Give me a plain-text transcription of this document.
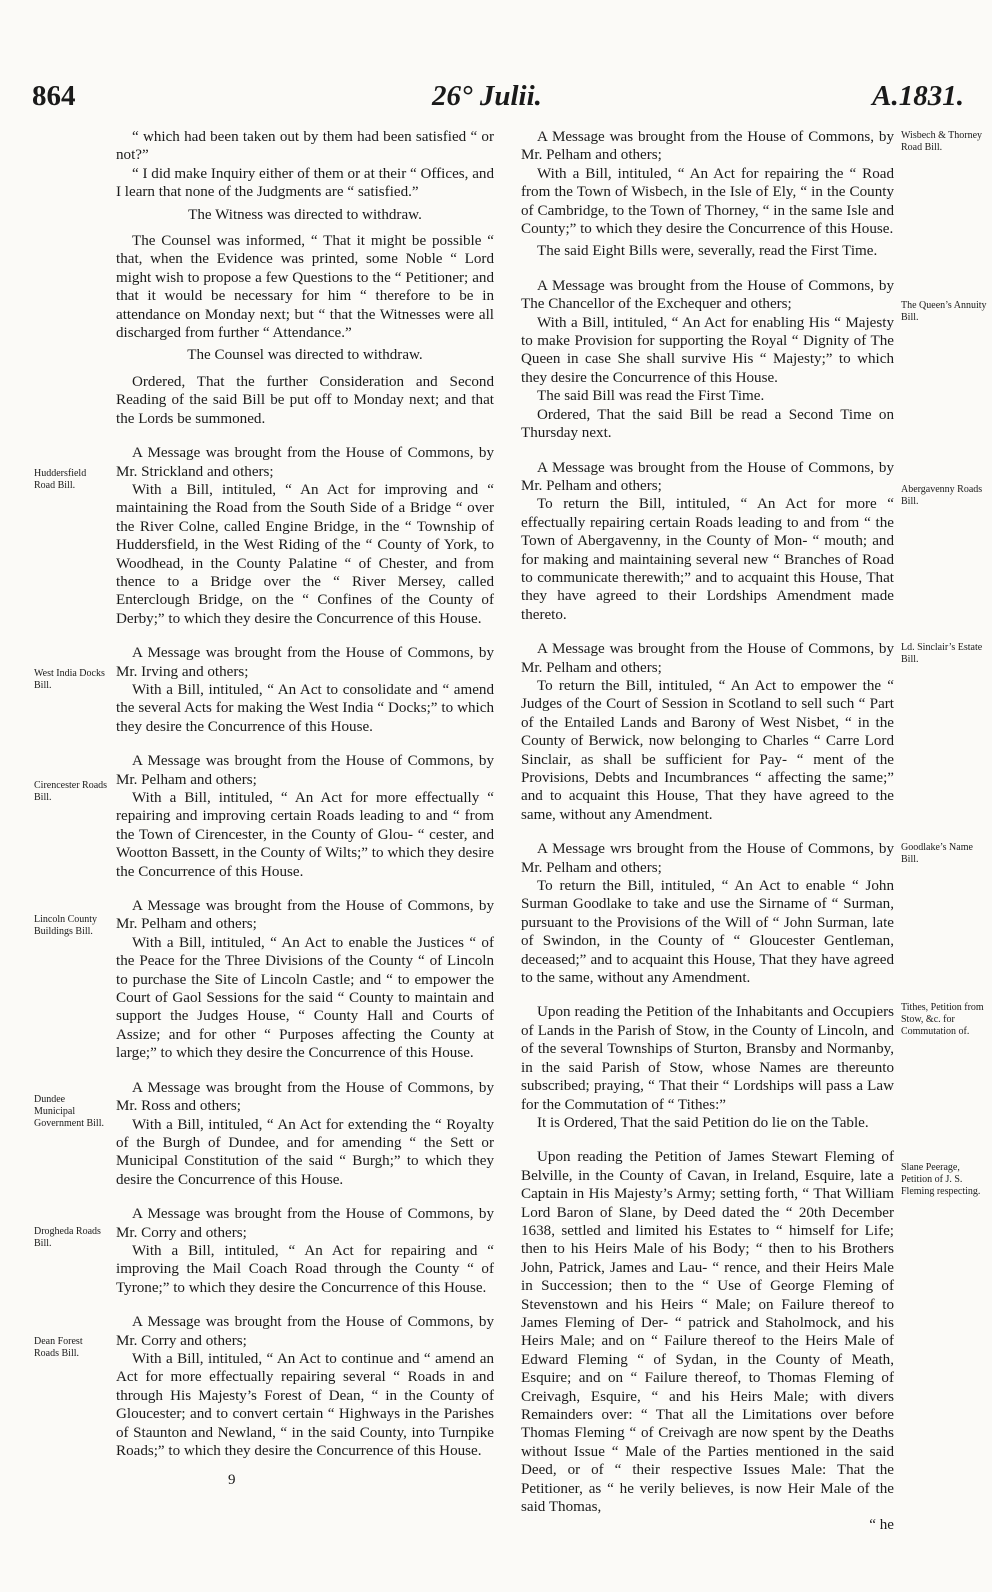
864	26° Julii.	A.1831.
Huddersfield Road Bill.
West India Docks Bill.
Cirencester Roads Bill.
Lincoln County Buildings Bill.
Dundee Municipal Government Bill.
Drogheda Roads Bill.
Dean Forest Roads Bill.
Wisbech & Thorney Road Bill.
The Queen’s Annuity Bill.
Abergavenny Roads Bill.
Ld. Sinclair’s Estate Bill.
Goodlake’s Name Bill.
Tithes, Petition from Stow, &c. for Commutation of.
Slane Peerage, Petition of J. S. Fleming respecting.

“ which had been taken out by them had been satisfied “ or not?”

“ I did make Inquiry either of them or at their “ Offices, and I learn that none of the Judgments are “ satisfied.”

The Witness was directed to withdraw.

The Counsel was informed, “ That it might be possible “ that, when the Evidence was printed, some Noble “ Lord might wish to propose a few Questions to the “ Petitioner; and that it would be necessary for him “ therefore to be in attendance on Monday next; but “ that the Witnesses were all discharged from further “ Attendance.”

The Counsel was directed to withdraw.

Ordered, That the further Consideration and Second Reading of the said Bill be put off to Monday next; and that the Lords be summoned.

A Message was brought from the House of Commons, by Mr. Strickland and others;

With a Bill, intituled, “ An Act for improving and “ maintaining the Road from the South Side of a Bridge “ over the River Colne, called Engine Bridge, in the “ Township of Huddersfield, in the West Riding of the “ County of York, to Woodhead, in the County Palatine “ of Chester, and from thence to a Bridge over the “ River Mersey, called Enterclough Bridge, on the “ Confines of the County of Derby;” to which they desire the Concurrence of this House.

A Message was brought from the House of Commons, by Mr. Irving and others;

With a Bill, intituled, “ An Act to consolidate and “ amend the several Acts for making the West India “ Docks;” to which they desire the Concurrence of this House.

A Message was brought from the House of Commons, by Mr. Pelham and others;

With a Bill, intituled, “ An Act for more effectually “ repairing and improving certain Roads leading to and “ from the Town of Cirencester, in the County of Glou- “ cester, and Wootton Bassett, in the County of Wilts;” to which they desire the Concurrence of this House.

A Message was brought from the House of Commons, by Mr. Pelham and others;

With a Bill, intituled, “ An Act to enable the Justices “ of the Peace for the Three Divisions of the County “ of Lincoln to purchase the Site of Lincoln Castle; and “ to empower the Court of Gaol Sessions for the said “ County to maintain and support the Judges House, “ County Hall and Courts of Assize; and for other “ Purposes affecting the County at large;” to which they desire the Concurrence of this House.

A Message was brought from the House of Commons, by Mr. Ross and others;

With a Bill, intituled, “ An Act for extending the “ Royalty of the Burgh of Dundee, and for amending “ the Sett or Municipal Constitution of the said “ Burgh;” to which they desire the Concurrence of this House.

A Message was brought from the House of Commons, by Mr. Corry and others;

With a Bill, intituled, “ An Act for repairing and “ improving the Mail Coach Road through the County “ of Tyrone;” to which they desire the Concurrence of this House.

A Message was brought from the House of Commons, by Mr. Corry and others;

With a Bill, intituled, “ An Act to continue and “ amend an Act for more effectually repairing several “ Roads in and through His Majesty’s Forest of Dean, “ in the County of Gloucester; and to convert certain “ Highways in the Parishes of Staunton and Newland, “ in the said County, into Turnpike Roads;” to which they desire the Concurrence of this House.

A Message was brought from the House of Commons, by Mr. Pelham and others;

With a Bill, intituled, “ An Act for repairing the “ Road from the Town of Wisbech, in the Isle of Ely, “ in the County of Cambridge, to the Town of Thorney, “ in the same Isle and County;” to which they desire the Concurrence of this House.

The said Eight Bills were, severally, read the First Time.

A Message was brought from the House of Commons, by The Chancellor of the Exchequer and others;

With a Bill, intituled, “ An Act for enabling His “ Majesty to make Provision for supporting the Royal “ Dignity of The Queen in case She shall survive His “ Majesty;” to which they desire the Concurrence of this House.

The said Bill was read the First Time.

Ordered, That the said Bill be read a Second Time on Thursday next.

A Message was brought from the House of Commons, by Mr. Pelham and others;

To return the Bill, intituled, “ An Act for more “ effectually repairing certain Roads leading to and from “ the Town of Abergavenny, in the County of Mon- “ mouth; and for making and maintaining several new “ Branches of Road to communicate therewith;” and to acquaint this House, That they have agreed to their Lordships Amendment made thereto.

A Message was brought from the House of Commons, by Mr. Pelham and others;

To return the Bill, intituled, “ An Act to empower the “ Judges of the Court of Session in Scotland to sell such “ Part of the Entailed Lands and Barony of West Nisbet, “ in the County of Berwick, now belonging to Charles “ Carre Lord Sinclair, as shall be sufficient for Pay- “ ment of the Provisions, Debts and Incumbrances “ affecting the same;” and to acquaint this House, That they have agreed to the same, without any Amendment.

A Message wrs brought from the House of Commons, by Mr. Pelham and others;

To return the Bill, intituled, “ An Act to enable “ John Surman Goodlake to take and use the Sirname of “ Surman, pursuant to the Provisions of the Will of “ John Surman, late of Swindon, in the County of “ Gloucester Gentleman, deceased;” and to acquaint this House, That they have agreed to the same, without any Amendment.

Upon reading the Petition of the Inhabitants and Occupiers of Lands in the Parish of Stow, in the County of Lincoln, and of the several Townships of Sturton, Bransby and Normanby, in the said Parish of Stow, whose Names are thereunto subscribed; praying, “ That their “ Lordships will pass a Law for the Commutation of “ Tithes:”

It is Ordered, That the said Petition do lie on the Table.

Upon reading the Petition of James Stewart Fleming of Belville, in the County of Cavan, in Ireland, Esquire, late a Captain in His Majesty’s Army; setting forth, “ That William Lord Baron of Slane, by Deed dated the “ 20th December 1638, settled and limited his Estates to “ himself for Life; then to his Heirs Male of his Body; “ then to his Brothers John, Patrick, James and Lau- “ rence, and their Heirs Male in Succession; then to the “ Use of George Fleming of Stevenstown and his Heirs “ Male; on Failure thereof to James Fleming of Der- “ patrick and Staholmock, and his Heirs Male; and on “ Failure thereof to the Heirs Male of Edward Fleming “ of Sydan, in the County of Meath, Esquire; and on “ Failure thereof, to Thomas Fleming of Creivagh, Esquire, “ and his Heirs Male; with divers Remainders over: “ That all the Limitations over before Thomas Fleming “ of Creivagh are now spent by the Deaths without Issue “ Male of the Parties mentioned in the said Deed, or of “ their respective Issues Male: That the Petitioner, as “ he verily believes, is now Heir Male of the said Thomas,

“ he

9
